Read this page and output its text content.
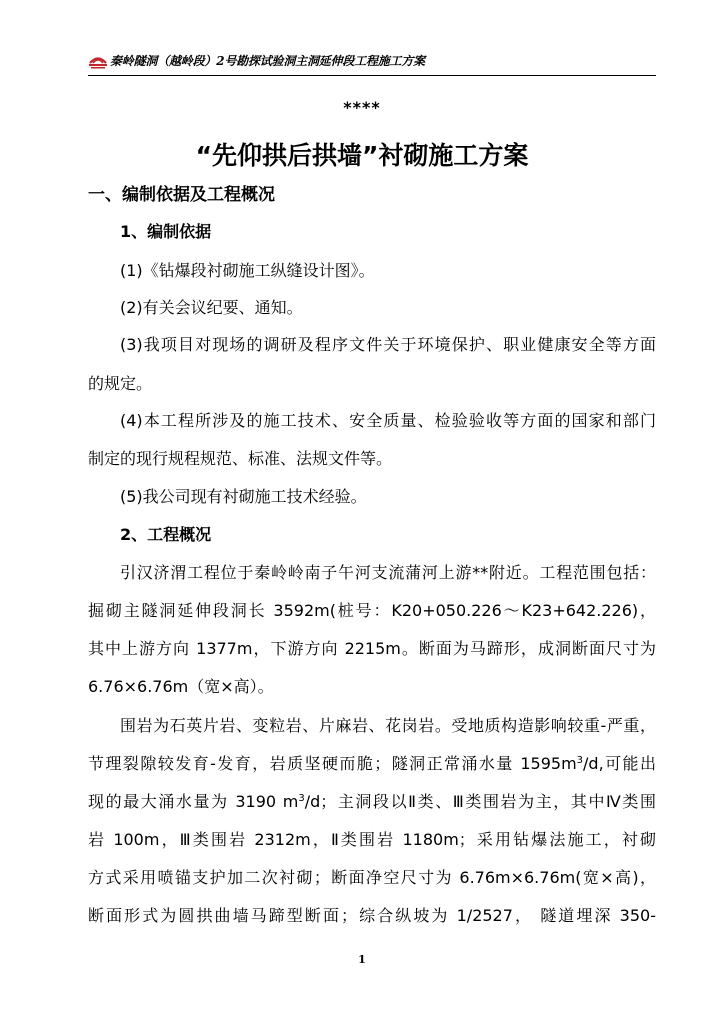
秦岭隧洞（越岭段）2号勘探试验洞主洞延伸段工程施工方案
****
“先仰拱后拱墙”衬砌施工方案
一、编制依据及工程概况
1、编制依据
(1)《钻爆段衬砌施工纵缝设计图》。
(2)有关会议纪要、通知。
(3)我项目对现场的调研及程序文件关于环境保护、职业健康安全等方面
的规定。
(4)本工程所涉及的施工技术、安全质量、检验验收等方面的国家和部门
制定的现行规程规范、标准、法规文件等。
(5)我公司现有衬砌施工技术经验。
2、工程概况
引汉济渭工程位于秦岭岭南子午河支流蒲河上游**附近。工程范围包括：
掘砌主隧洞延伸段洞长 3592m(桩号：K20+050.226～K23+642.226)，
其中上游方向 1377m，下游方向 2215m。断面为马蹄形，成洞断面尺寸为
6.76×6.76m（宽×高）。
围岩为石英片岩、变粒岩、片麻岩、花岗岩。受地质构造影响较重-严重，
节理裂隙较发育-发育，岩质坚硬而脆；隧洞正常涌水量 $1595m^3/d$,可能出
现的最大涌水量为 3190 $m^3/d$；主洞段以Ⅱ类、Ⅲ类围岩为主，其中Ⅳ类围
岩 100m，Ⅲ类围岩 2312m，Ⅱ类围岩 1180m；采用钻爆法施工，衬砌
方式采用喷锚支护加二次衬砌；断面净空尺寸为 6.76m×6.76m(宽×高)，
断面形式为圆拱曲墙马蹄型断面；综合纵坡为 1/2527， 隧道埋深 350-
1
